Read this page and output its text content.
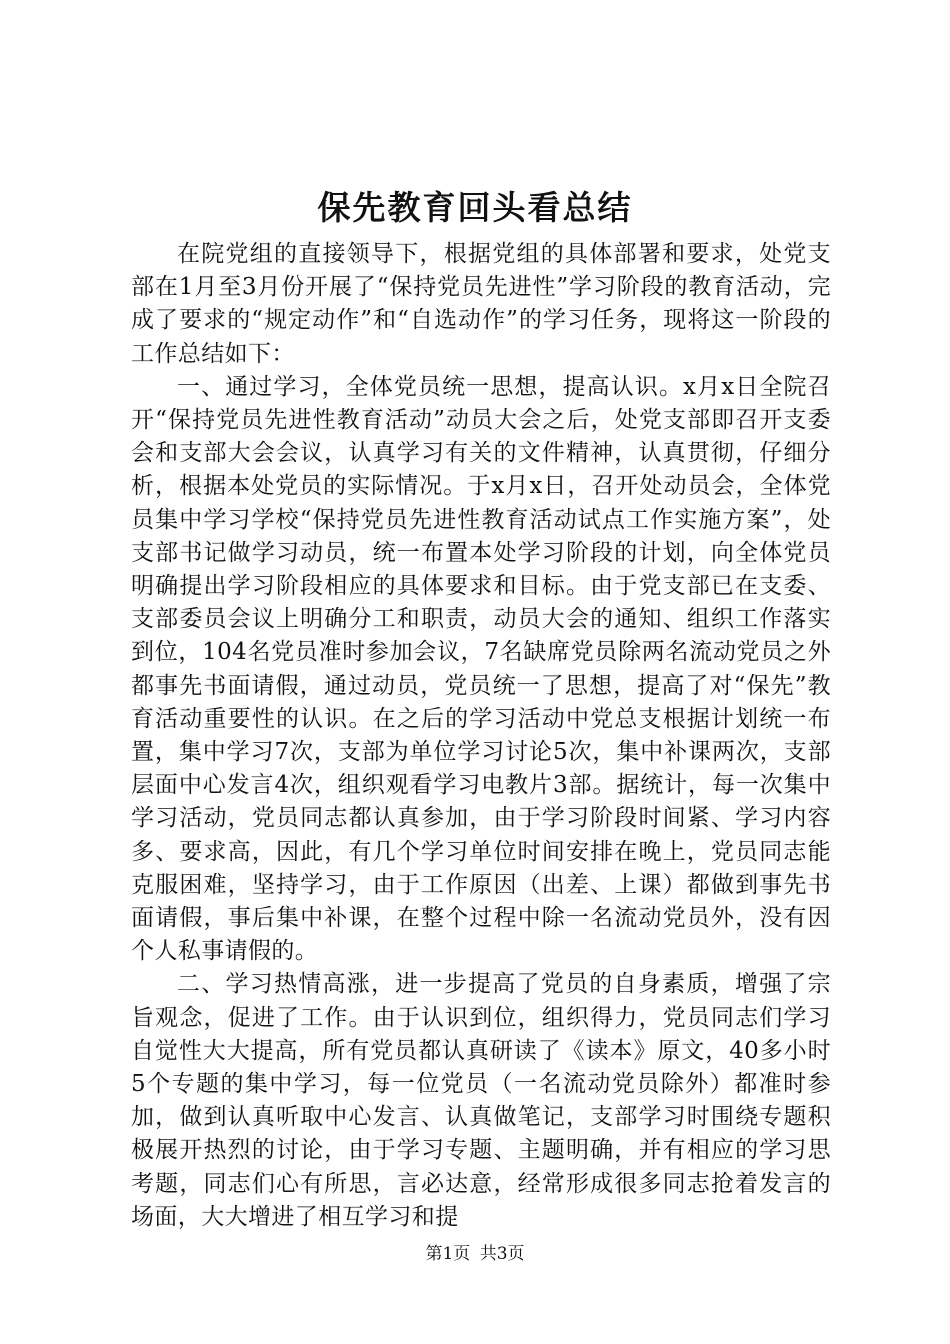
保先教育回头看总结

在院党组的直接领导下，根据党组的具体部署和要求，处党支部在1月至3月份开展了“保持党员先进性”学习阶段的教育活动，完成了要求的“规定动作”和“自选动作”的学习任务，现将这一阶段的工作总结如下：

一、通过学习，全体党员统一思想，提高认识。x月x日全院召开“保持党员先进性教育活动”动员大会之后，处党支部即召开支委会和支部大会会议，认真学习有关的文件精神，认真贯彻，仔细分析，根据本处党员的实际情况。于x月x日，召开处动员会，全体党员集中学习学校“保持党员先进性教育活动试点工作实施方案”，处支部书记做学习动员，统一布置本处学习阶段的计划，向全体党员明确提出学习阶段相应的具体要求和目标。由于党支部已在支委、支部委员会议上明确分工和职责，动员大会的通知、组织工作落实到位，104名党员准时参加会议，7名缺席党员除两名流动党员之外都事先书面请假，通过动员，党员统一了思想，提高了对“保先”教育活动重要性的认识。在之后的学习活动中党总支根据计划统一布置，集中学习7次，支部为单位学习讨论5次，集中补课两次，支部层面中心发言4次，组织观看学习电教片3部。据统计，每一次集中学习活动，党员同志都认真参加，由于学习阶段时间紧、学习内容多、要求高，因此，有几个学习单位时间安排在晚上，党员同志能克服困难，坚持学习，由于工作原因（出差、上课）都做到事先书面请假，事后集中补课，在整个过程中除一名流动党员外，没有因个人私事请假的。

二、学习热情高涨，进一步提高了党员的自身素质，增强了宗旨观念，促进了工作。由于认识到位，组织得力，党员同志们学习自觉性大大提高，所有党员都认真研读了《读本》原文，40多小时5个专题的集中学习，每一位党员（一名流动党员除外）都准时参加，做到认真听取中心发言、认真做笔记，支部学习时围绕专题积极展开热烈的讨论，由于学习专题、主题明确，并有相应的学习思考题，同志们心有所思，言必达意，经常形成很多同志抢着发言的场面，大大增进了相互学习和提

第1页 共3页
